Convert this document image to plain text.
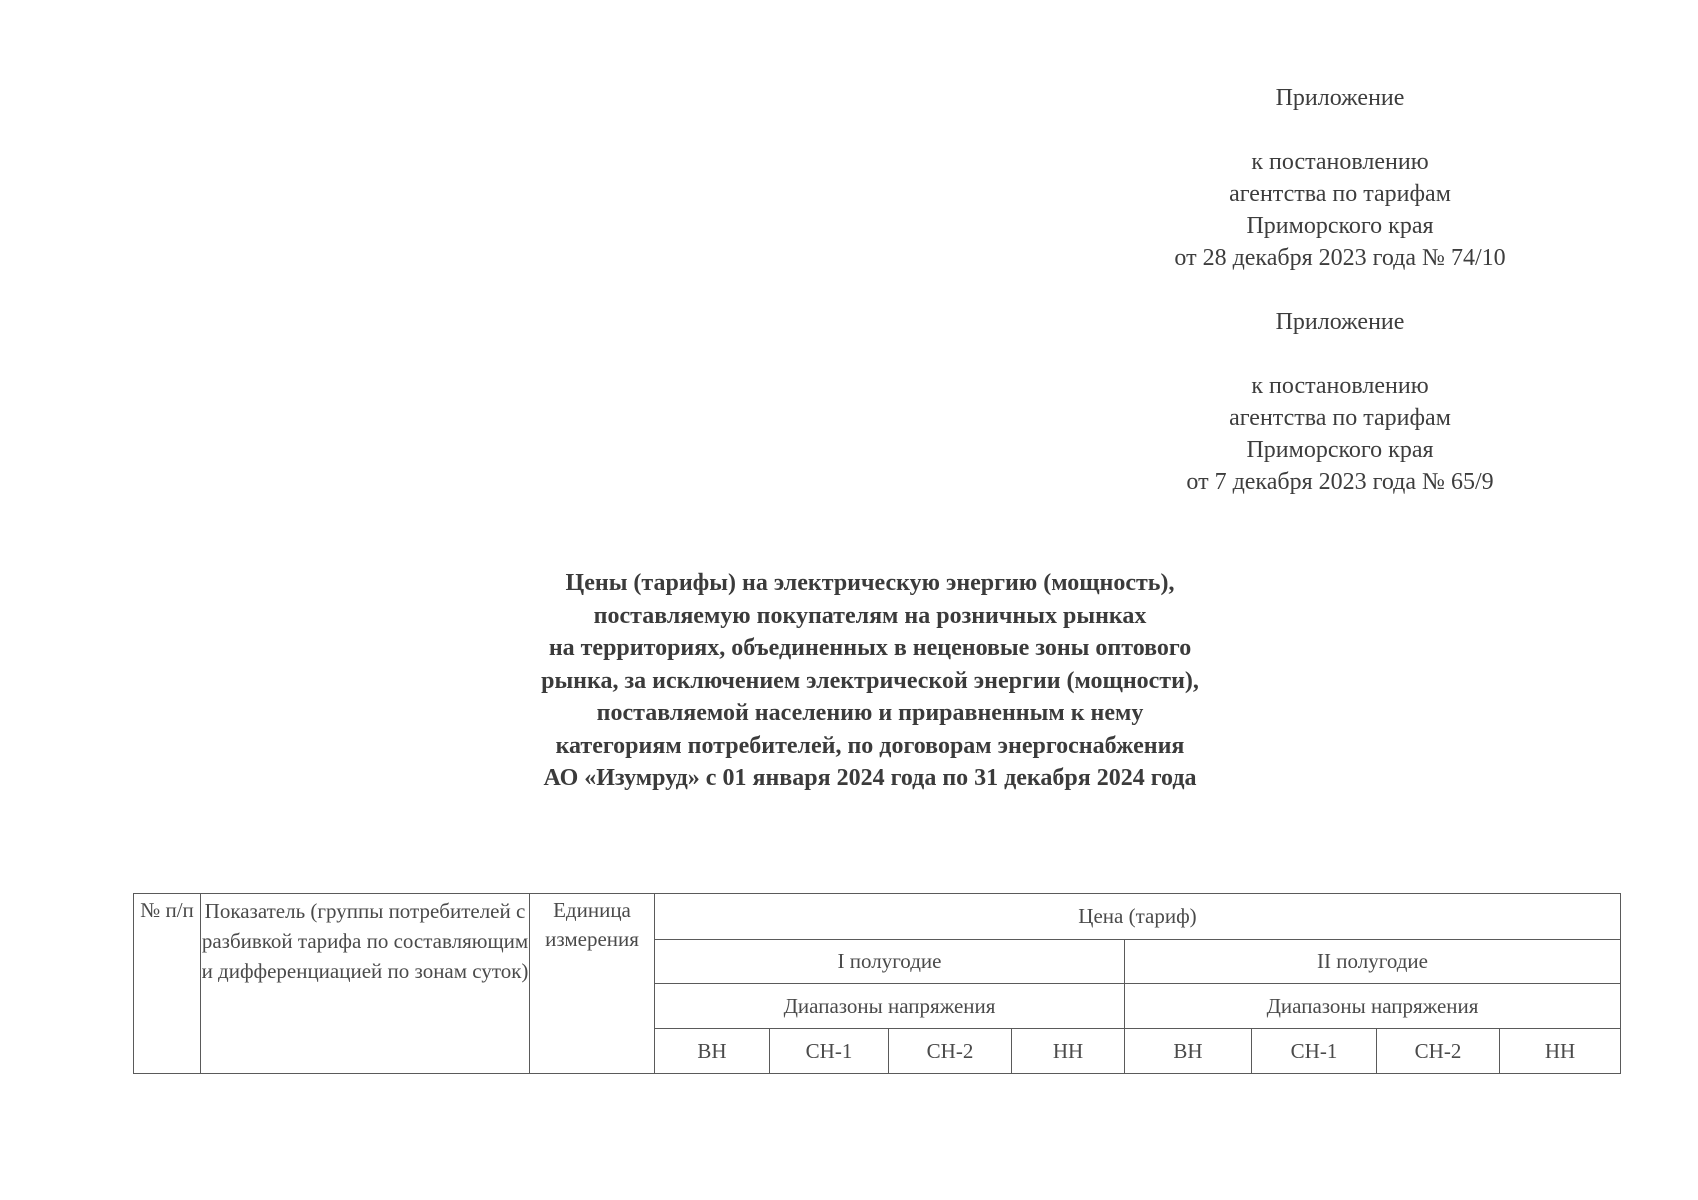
Приложение
к постановлению
агентства по тарифам
Приморского края
от 28 декабря 2023 года № 74/10
Приложение
к постановлению
агентства по тарифам
Приморского края
от 7 декабря 2023 года № 65/9
Цены (тарифы) на электрическую энергию (мощность),
поставляемую покупателям на розничных рынках
на территориях, объединенных в неценовые зоны оптового
рынка, за исключением электрической энергии (мощности),
поставляемой населению и приравненным к нему
категориям потребителей, по договорам энергоснабжения
АО «Изумруд» с 01 января 2024 года по 31 декабря 2024 года
№ п/п	Показатель (группы потребителей с разбивкой тарифа по составляющим и дифференциацией по зонам суток)	Единица измерения	Цена (тариф)							
			I полугодие				II полугодие			
			Диапазоны напряжения				Диапазоны напряжения			
			ВН	СН-1	СН-2	НН	ВН	СН-1	СН-2	НН
